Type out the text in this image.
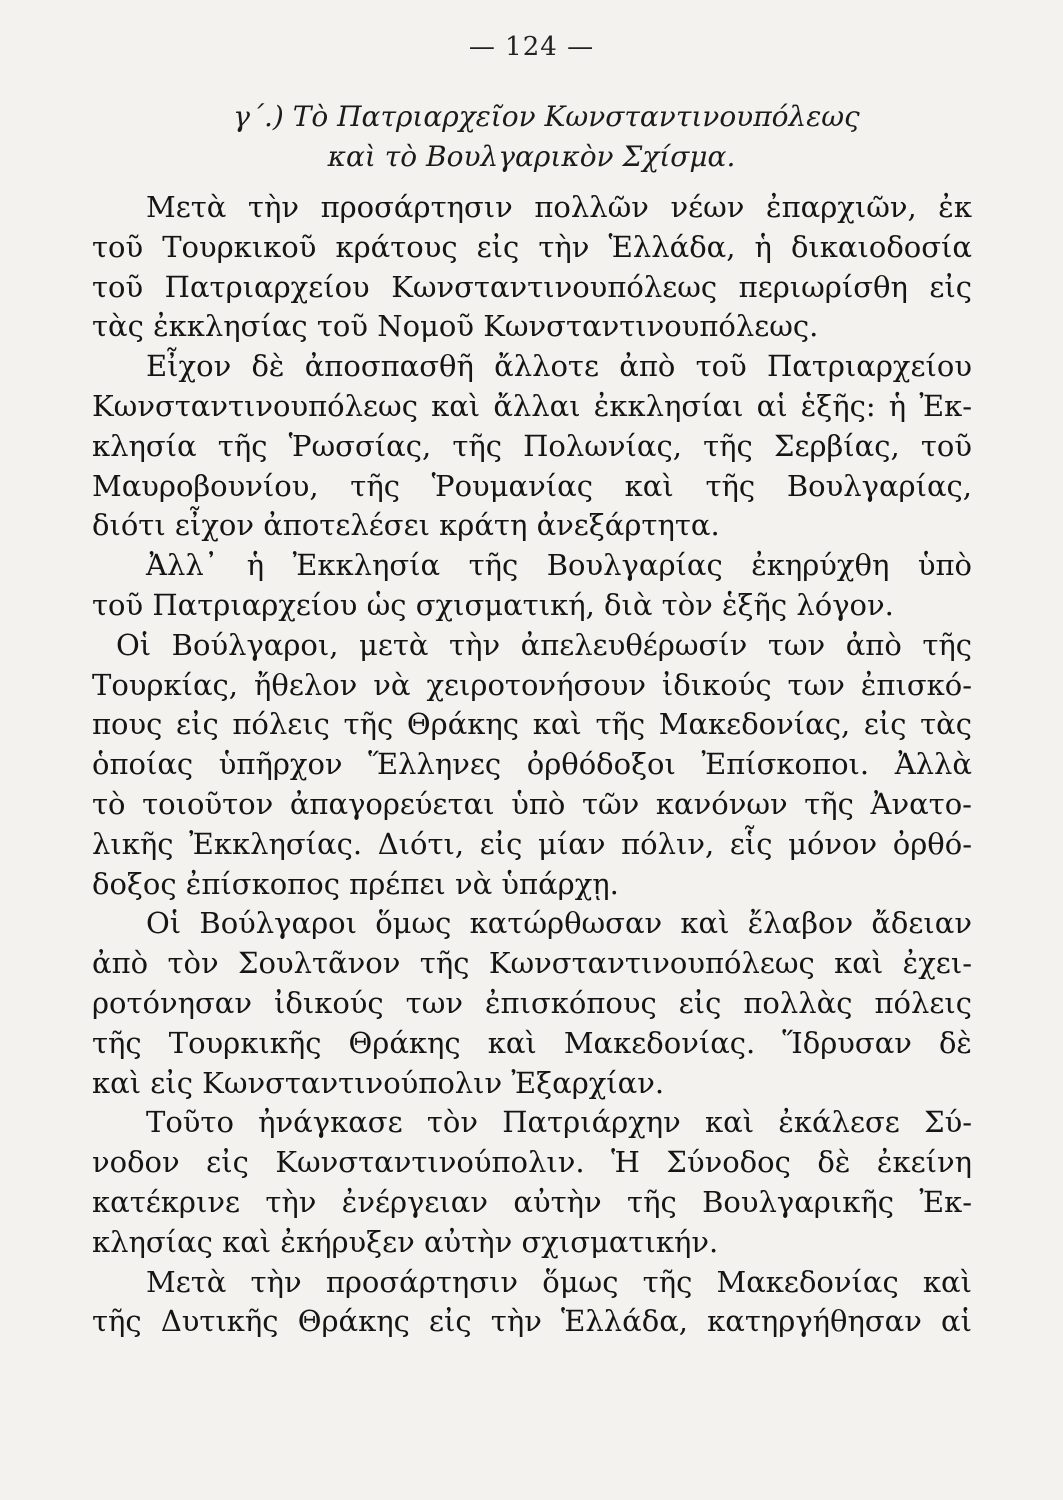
— 124 —
γ΄.) Τὸ Πατριαρχεῖον Κωνσταντινουπόλεως
καὶ τὸ Βουλγαρικὸν Σχίσμα.
Μετὰ τὴν προσάρτησιν πολλῶν νέων ἐπαρχιῶν, ἐκ
τοῦ Τουρκικοῦ κράτους εἰς τὴν Ἑλλάδα, ἡ δικαιοδοσία
τοῦ Πατριαρχείου Κωνσταντινουπόλεως περιωρίσθη εἰς
τὰς ἐκκλησίας τοῦ Νομοῦ Κωνσταντινουπόλεως.
Εἶχον δὲ ἀποσπασθῆ ἄλλοτε ἀπὸ τοῦ Πατριαρχείου
Κωνσταντινουπόλεως καὶ ἄλλαι ἐκκλησίαι αἱ ἑξῆς: ἡ Ἐκ-
κλησία τῆς Ῥωσσίας, τῆς Πολωνίας, τῆς Σερβίας, τοῦ
Μαυροβουνίου, τῆς Ῥουμανίας καὶ τῆς Βουλγαρίας,
διότι εἶχον ἀποτελέσει κράτη ἀνεξάρτητα.
Ἀλλ᾽ ἡ Ἐκκλησία τῆς Βουλγαρίας ἐκηρύχθη ὑπὸ
τοῦ Πατριαρχείου ὡς σχισματική, διὰ τὸν ἑξῆς λόγον.
Οἱ Βούλγαροι, μετὰ τὴν ἀπελευθέρωσίν των ἀπὸ τῆς
Τουρκίας, ἤθελον νὰ χειροτονήσουν ἰδικούς των ἐπισκό-
πους εἰς πόλεις τῆς Θράκης καὶ τῆς Μακεδονίας, εἰς τὰς
ὁποίας ὑπῆρχον Ἕλληνες ὀρθόδοξοι Ἐπίσκοποι. Ἀλλὰ
τὸ τοιοῦτον ἀπαγορεύεται ὑπὸ τῶν κανόνων τῆς Ἀνατο-
λικῆς Ἐκκλησίας. Διότι, εἰς μίαν πόλιν, εἷς μόνον ὀρθό-
δοξος ἐπίσκοπος πρέπει νὰ ὑπάρχῃ.
Οἱ Βούλγαροι ὅμως κατώρθωσαν καὶ ἔλαβον ἄδειαν
ἀπὸ τὸν Σουλτᾶνον τῆς Κωνσταντινουπόλεως καὶ ἐχει-
ροτόνησαν ἰδικούς των ἐπισκόπους εἰς πολλὰς πόλεις
τῆς Τουρκικῆς Θράκης καὶ Μακεδονίας. Ἵδρυσαν δὲ
καὶ εἰς Κωνσταντινούπολιν Ἐξαρχίαν.
Τοῦτο ἠνάγκασε τὸν Πατριάρχην καὶ ἐκάλεσε Σύ-
νοδον εἰς Κωνσταντινούπολιν. Ἡ Σύνοδος δὲ ἐκείνη
κατέκρινε τὴν ἐνέργειαν αὐτὴν τῆς Βουλγαρικῆς Ἐκ-
κλησίας καὶ ἐκήρυξεν αὐτὴν σχισματικήν.
Μετὰ τὴν προσάρτησιν ὅμως τῆς Μακεδονίας καὶ
τῆς Δυτικῆς Θράκης εἰς τὴν Ἑλλάδα, κατηργήθησαν αἱ
